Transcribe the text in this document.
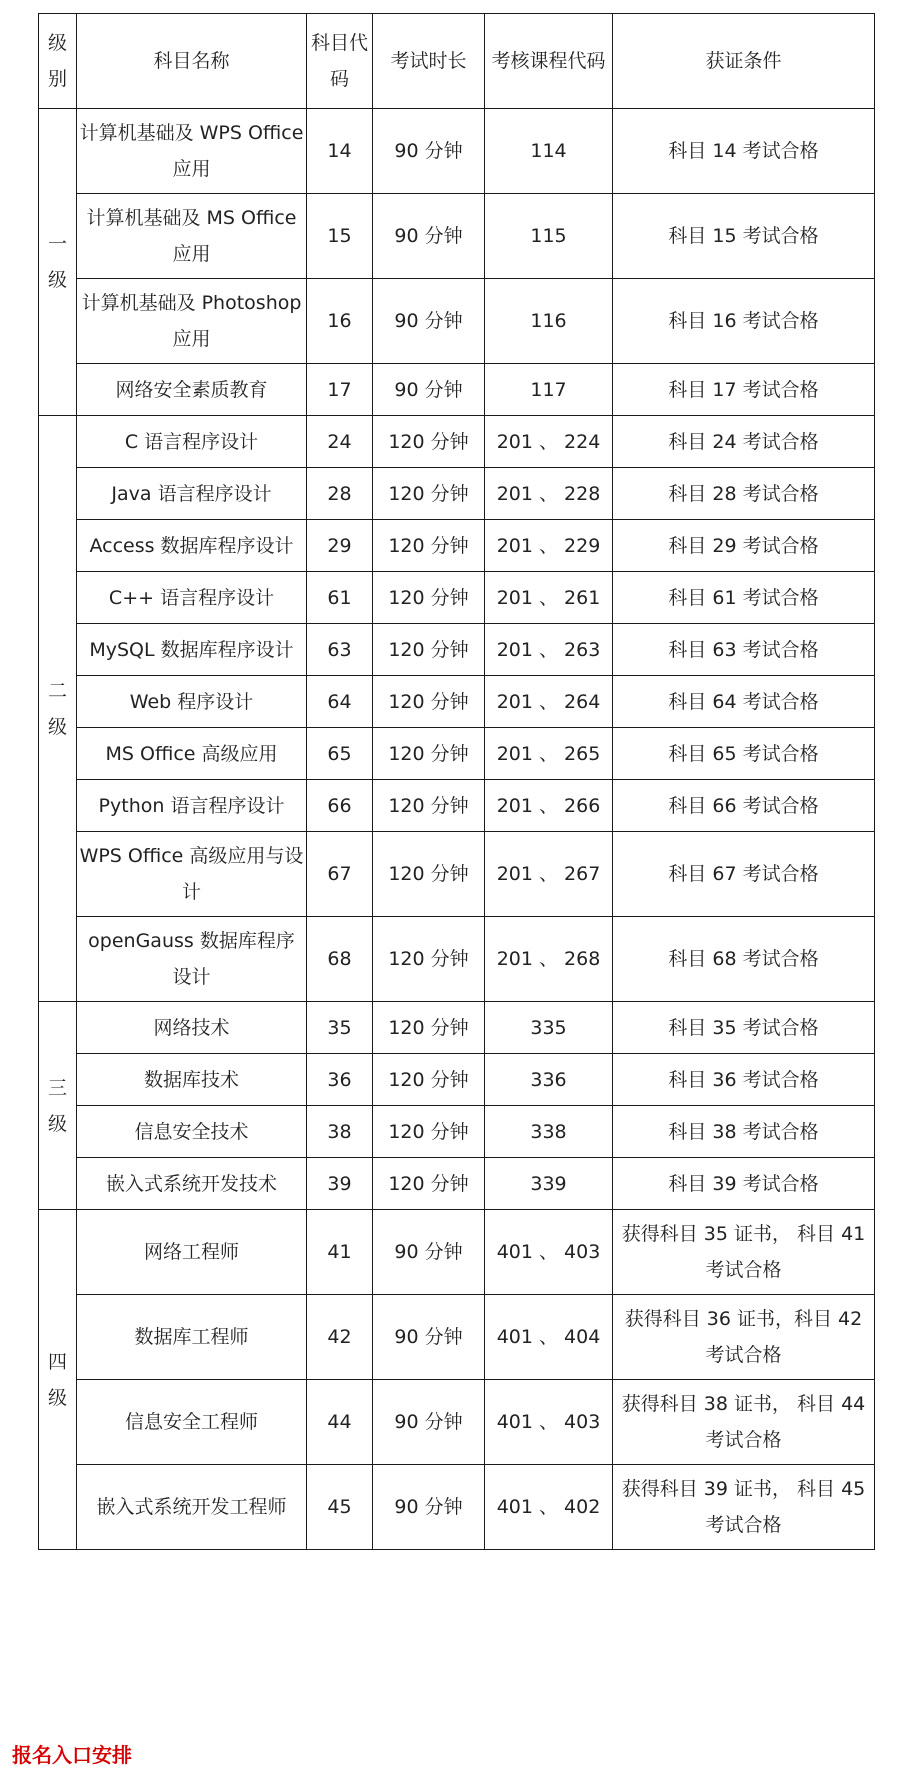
级别	科目名称	科目代码	考试时长	考核课程代码	获证条件

一级	计算机基础及 WPS Office 应用	14	90 分钟	114	科目 14 考试合格
	计算机基础及 MS Office 应用	15	90 分钟	115	科目 15 考试合格
	计算机基础及 Photoshop 应用	16	90 分钟	116	科目 16 考试合格
	网络安全素质教育	17	90 分钟	117	科目 17 考试合格

二级	C 语言程序设计	24	120 分钟	201 、 224	科目 24 考试合格
	Java 语言程序设计	28	120 分钟	201 、 228	科目 28 考试合格
	Access 数据库程序设计	29	120 分钟	201 、 229	科目 29 考试合格
	C++ 语言程序设计	61	120 分钟	201 、 261	科目 61 考试合格
	MySQL 数据库程序设计	63	120 分钟	201 、 263	科目 63 考试合格
	Web 程序设计	64	120 分钟	201 、 264	科目 64 考试合格
	MS Office 高级应用	65	120 分钟	201 、 265	科目 65 考试合格
	Python 语言程序设计	66	120 分钟	201 、 266	科目 66 考试合格
	WPS Office 高级应用与设计	67	120 分钟	201 、 267	科目 67 考试合格
	openGauss 数据库程序设计	68	120 分钟	201 、 268	科目 68 考试合格

三级	网络技术	35	120 分钟	335	科目 35 考试合格
	数据库技术	36	120 分钟	336	科目 36 考试合格
	信息安全技术	38	120 分钟	338	科目 38 考试合格
	嵌入式系统开发技术	39	120 分钟	339	科目 39 考试合格

四级	网络工程师	41	90 分钟	401 、 403	获得科目 35 证书， 科目 41 考试合格
	数据库工程师	42	90 分钟	401 、 404	获得科目 36 证书，科目 42 考试合格
	信息安全工程师	44	90 分钟	401 、 403	获得科目 38 证书， 科目 44 考试合格
	嵌入式系统开发工程师	45	90 分钟	401 、 402	获得科目 39 证书， 科目 45 考试合格
报名入口安排
